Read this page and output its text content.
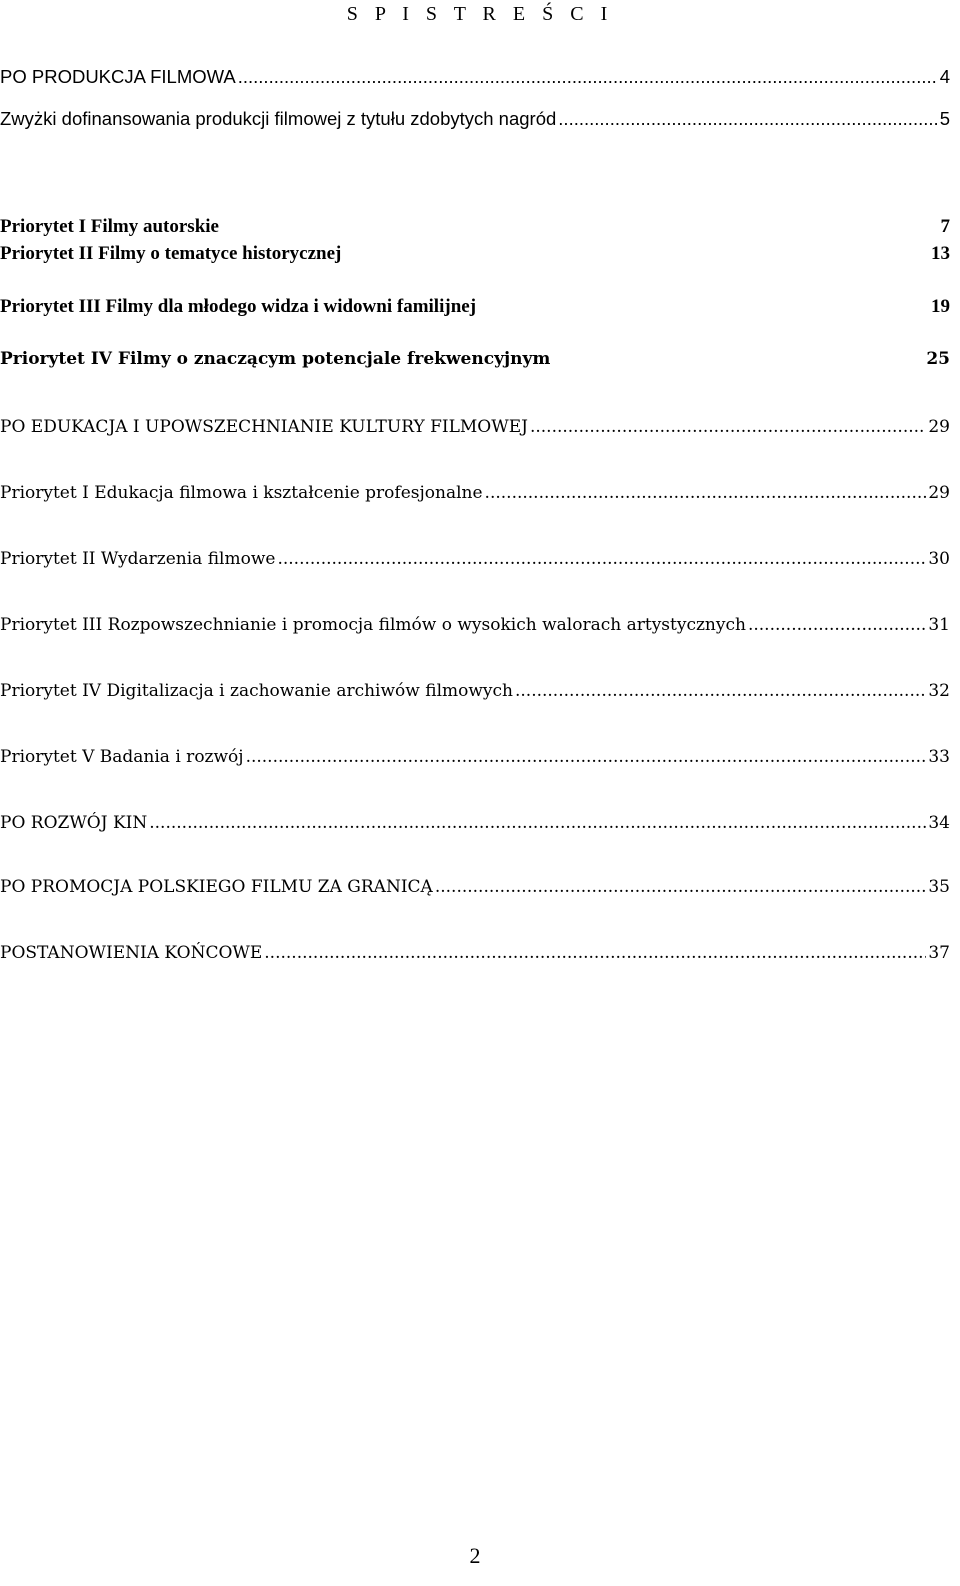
S P I S T R E Ś C I
PO PRODUKCJA FILMOWA .....	4
Zwyżki dofinansowania produkcji filmowej z tytułu zdobytych nagród .....	5
Priorytet I Filmy autorskie	7
Priorytet II Filmy o tematyce historycznej	13
Priorytet III Filmy dla młodego widza i widowni familijnej	19
Priorytet IV Filmy o znaczącym potencjale frekwencyjnym	25
PO EDUKACJA I UPOWSZECHNIANIE KULTURY FILMOWEJ .....	29
Priorytet I Edukacja filmowa i kształcenie profesjonalne .....	29
Priorytet II Wydarzenia filmowe .....	30
Priorytet III Rozpowszechnianie i promocja filmów o wysokich walorach artystycznych .....	31
Priorytet IV Digitalizacja i zachowanie archiwów filmowych .....	32
Priorytet V Badania i rozwój .....	33
PO ROZWÓJ KIN .....	34
PO PROMOCJA POLSKIEGO FILMU ZA GRANICĄ .....	35
POSTANOWIENIA KOŃCOWE .....	37
2
